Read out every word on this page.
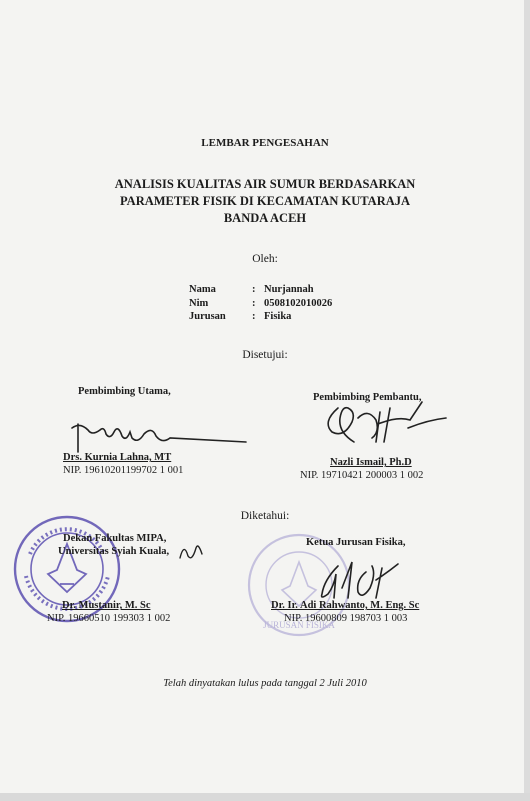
LEMBAR PENGESAHAN
ANALISIS KUALITAS AIR SUMUR BERDASARKAN
PARAMETER FISIK DI KECAMATAN KUTARAJA
BANDA ACEH
Oleh:
Nama	: Nurjannah
Nim	: 0508102010026
Jurusan	: Fisika
Disetujui:
Pembimbing Utama,
Drs. Kurnia Lahna, MT
NIP. 19610201199702 1 001
Pembimbing Pembantu,
Nazli Ismail, Ph.D
NIP. 19710421 200003 1 002
Diketahui:
Dekan Fakultas MIPA,
Universitas Syiah Kuala,
Dr. Mustanir, M. Sc
NIP. 19660510 199303 1 002
JURUSAN FISIKA
Ketua Jurusan Fisika,
Dr. Ir. Adi Rahwanto, M. Eng. Sc
NIP. 19600809 198703 1 003
Telah dinyatakan lulus pada tanggal 2 Juli 2010
